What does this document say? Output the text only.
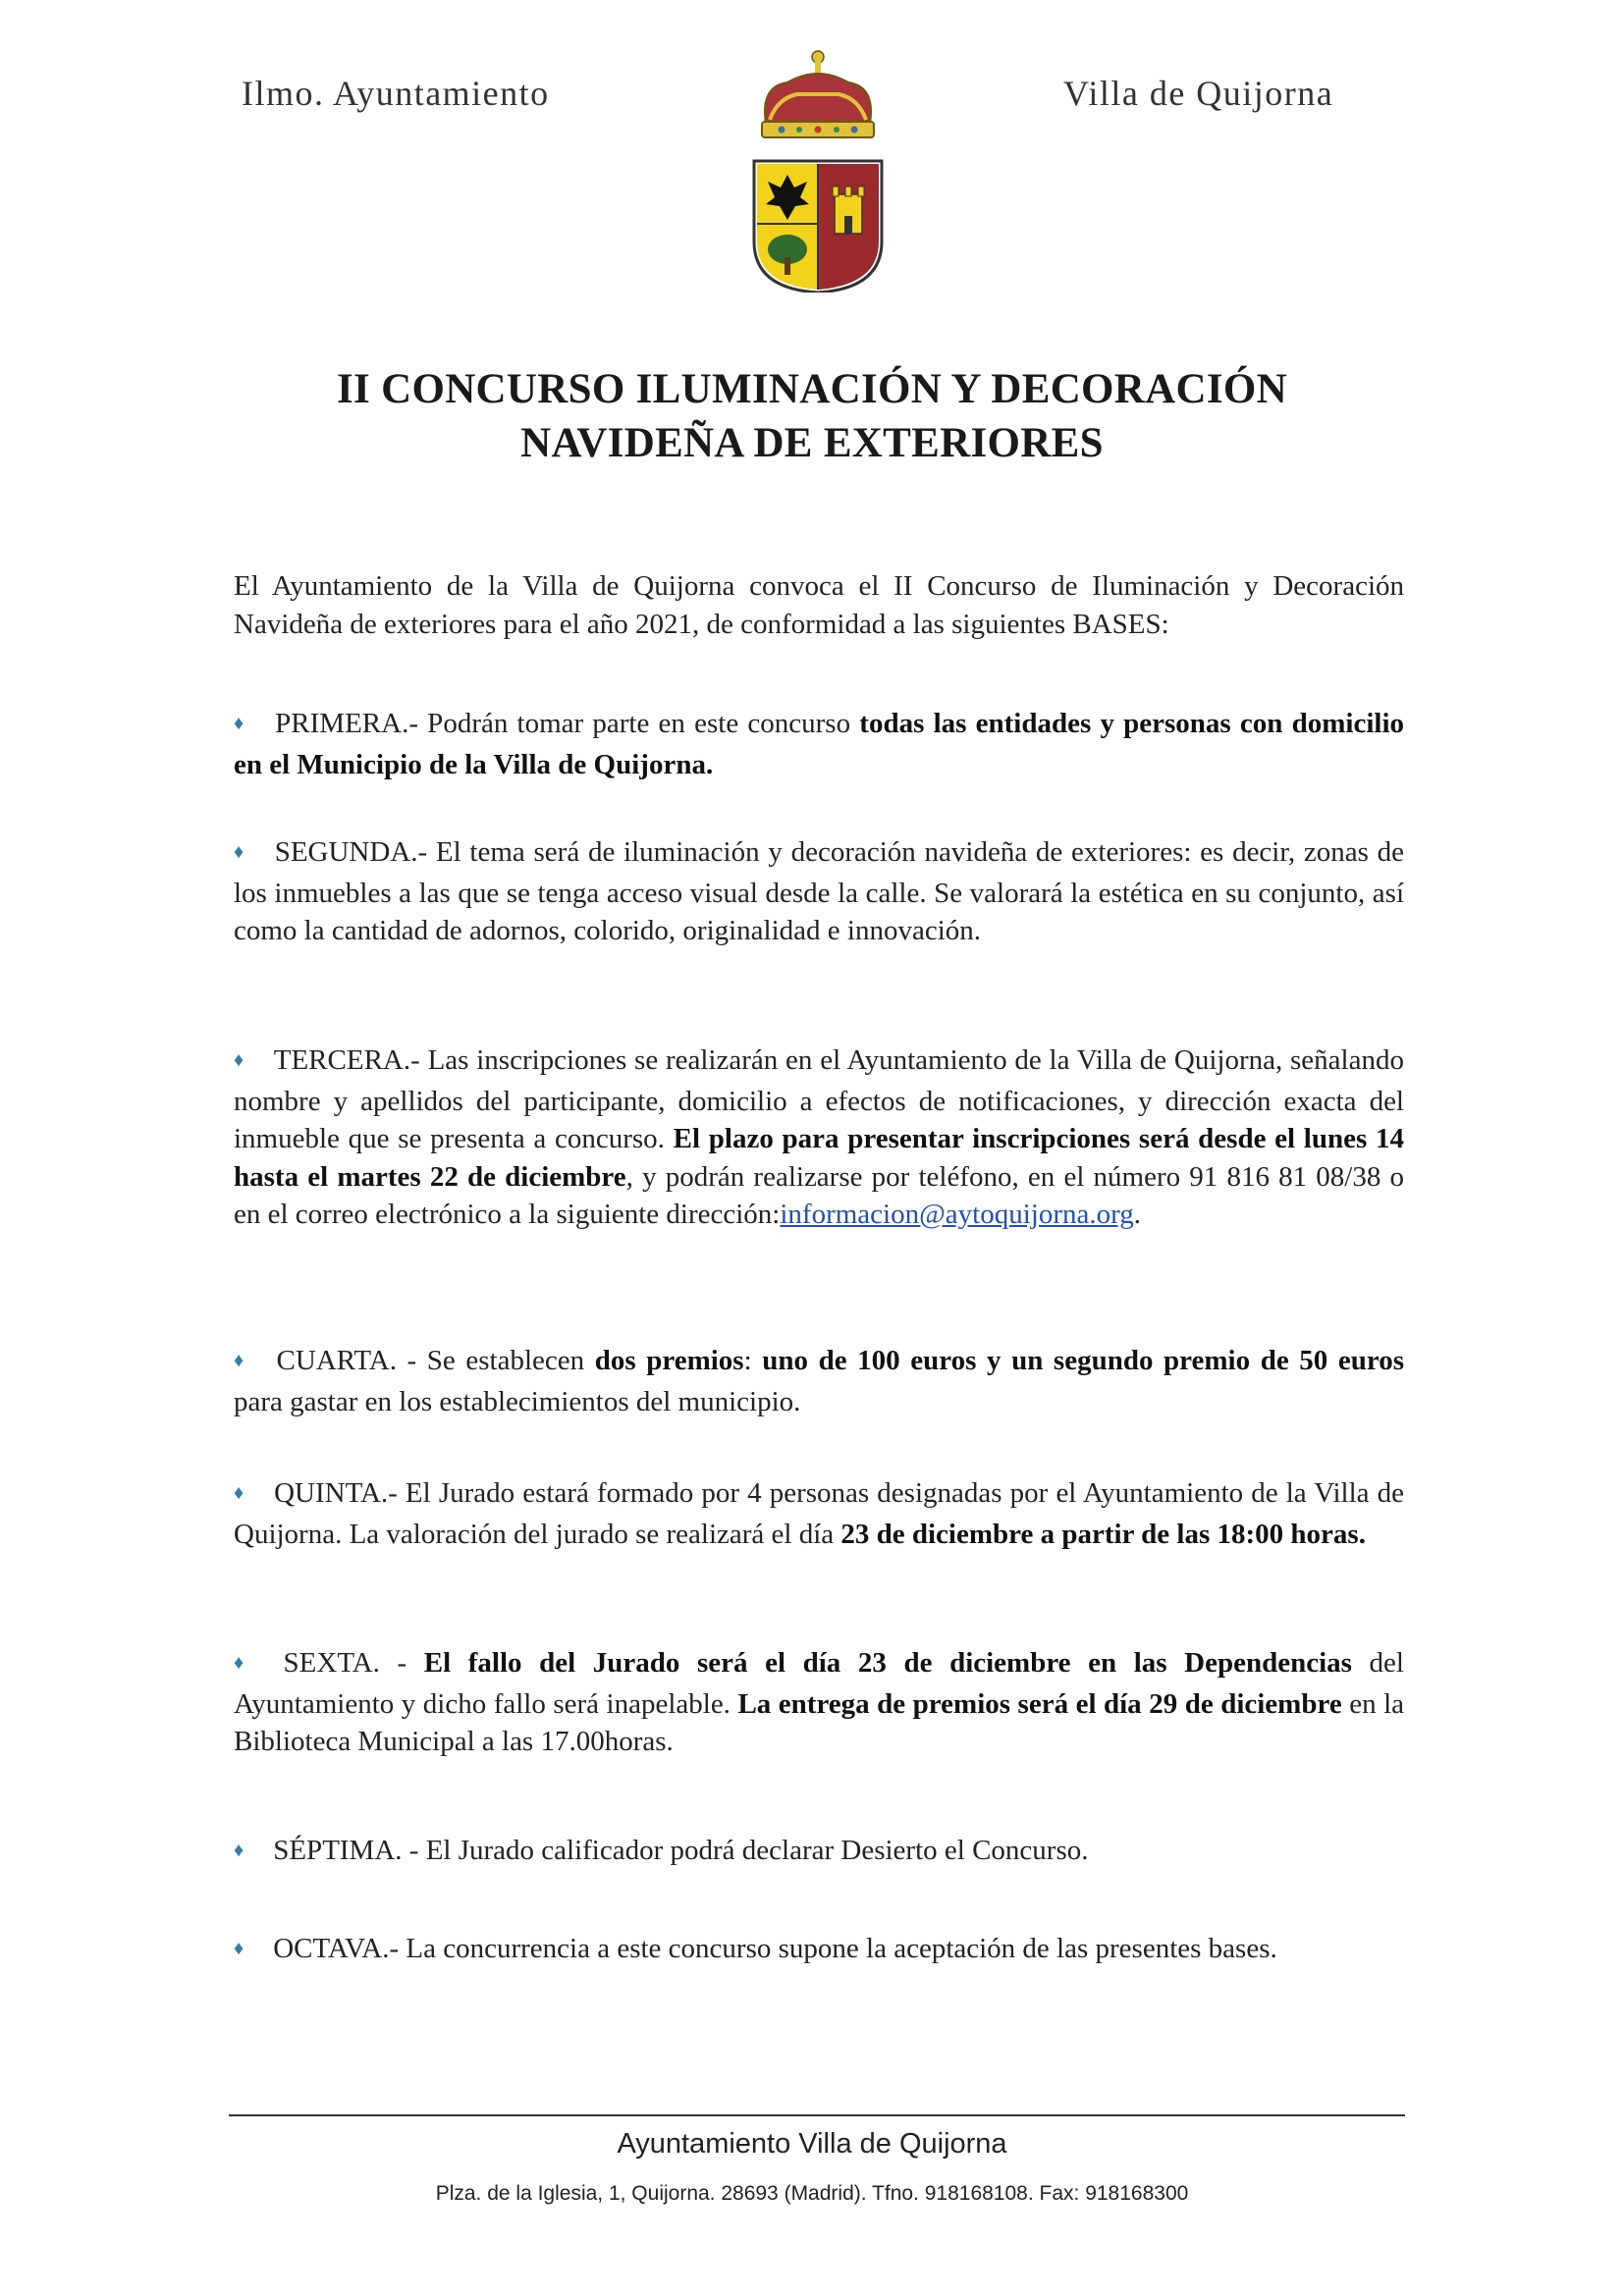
Ilmo. Ayuntamiento	Villa de Quijorna
II CONCURSO ILUMINACIÓN Y DECORACIÓN
NAVIDEÑA DE EXTERIORES
El Ayuntamiento de la Villa de Quijorna convoca el II Concurso de Iluminación y Decoración Navideña de exteriores para el año 2021, de conformidad a las siguientes BASES:
♦ PRIMERA.- Podrán tomar parte en este concurso todas las entidades y personas con domicilio en el Municipio de la Villa de Quijorna.
♦ SEGUNDA.- El tema será de iluminación y decoración navideña de exteriores: es decir, zonas de los inmuebles a las que se tenga acceso visual desde la calle. Se valorará la estética en su conjunto, así como la cantidad de adornos, colorido, originalidad e innovación.
♦ TERCERA.- Las inscripciones se realizarán en el Ayuntamiento de la Villa de Quijorna, señalando nombre y apellidos del participante, domicilio a efectos de notificaciones, y dirección exacta del inmueble que se presenta a concurso. El plazo para presentar inscripciones será desde el lunes 14 hasta el martes 22 de diciembre, y podrán realizarse por teléfono, en el número 91 816 81 08/38 o en el correo electrónico a la siguiente dirección:informacion@aytoquijorna.org.
♦ CUARTA. - Se establecen dos premios: uno de 100 euros y un segundo premio de 50 euros para gastar en los establecimientos del municipio.
♦ QUINTA.- El Jurado estará formado por 4 personas designadas por el Ayuntamiento de la Villa de Quijorna. La valoración del jurado se realizará el día 23 de diciembre a partir de las 18:00 horas.
♦ SEXTA. - El fallo del Jurado será el día 23 de diciembre en las Dependencias del Ayuntamiento y dicho fallo será inapelable. La entrega de premios será el día 29 de diciembre en la Biblioteca Municipal a las 17.00horas.
♦ SÉPTIMA. - El Jurado calificador podrá declarar Desierto el Concurso.
♦ OCTAVA.- La concurrencia a este concurso supone la aceptación de las presentes bases.
Ayuntamiento Villa de Quijorna
Plza. de la Iglesia, 1, Quijorna. 28693 (Madrid). Tfno. 918168108. Fax: 918168300
